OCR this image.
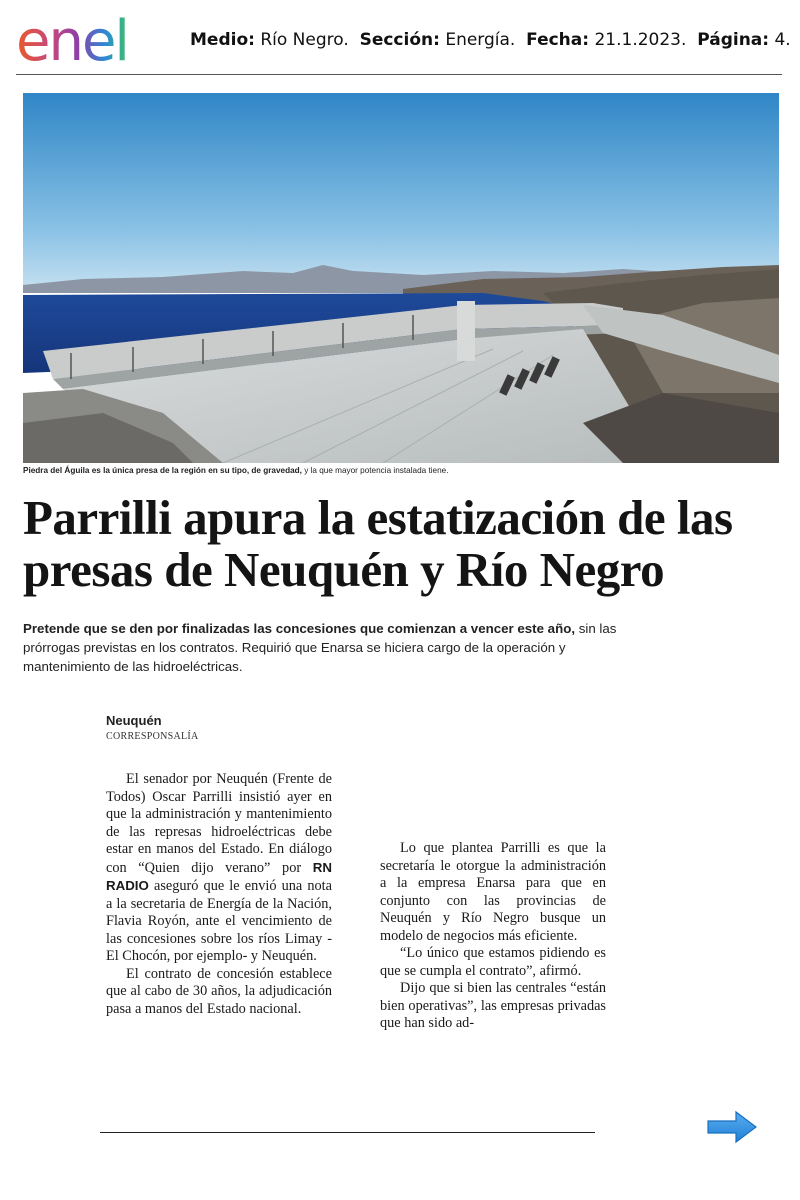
enel	Medio: Río Negro. Sección: Energía. Fecha: 21.1.2023. Página: 4.
Piedra del Águila es la única presa de la región en su tipo, de gravedad, y la que mayor potencia instalada tiene.
Parrilli apura la estatización de las
presas de Neuquén y Río Negro

Pretende que se den por finalizadas las concesiones que comienzan a vencer este año, sin las prórrogas previstas en los contratos. Requirió que Enarsa se hiciera cargo de la operación y mantenimiento de las hidroeléctricas.

Neuquén
CORRESPONSALÍA

El senador por Neuquén (Frente de Todos) Oscar Parrilli insistió ayer en que la administración y mantenimiento de las represas hidroeléctricas debe estar en manos del Estado. En diálogo con “Quien dijo verano” por RN RADIO aseguró que le envió una nota a la secretaria de Energía de la Nación, Flavia Royón, ante el vencimiento de las concesiones sobre los ríos Limay -El Chocón, por ejemplo- y Neuquén.

El contrato de concesión establece que al cabo de 30 años, la adjudicación pasa a manos del Estado nacional.

Lo que plantea Parrilli es que la secretaría le otorgue la administración a la empresa Enarsa para que en conjunto con las provincias de Neuquén y Río Negro busque un modelo de negocios más eficiente.

“Lo único que estamos pidiendo es que se cumpla el contrato”, afirmó.

Dijo que si bien las centrales “están bien operativas”, las empresas privadas que han sido ad-
